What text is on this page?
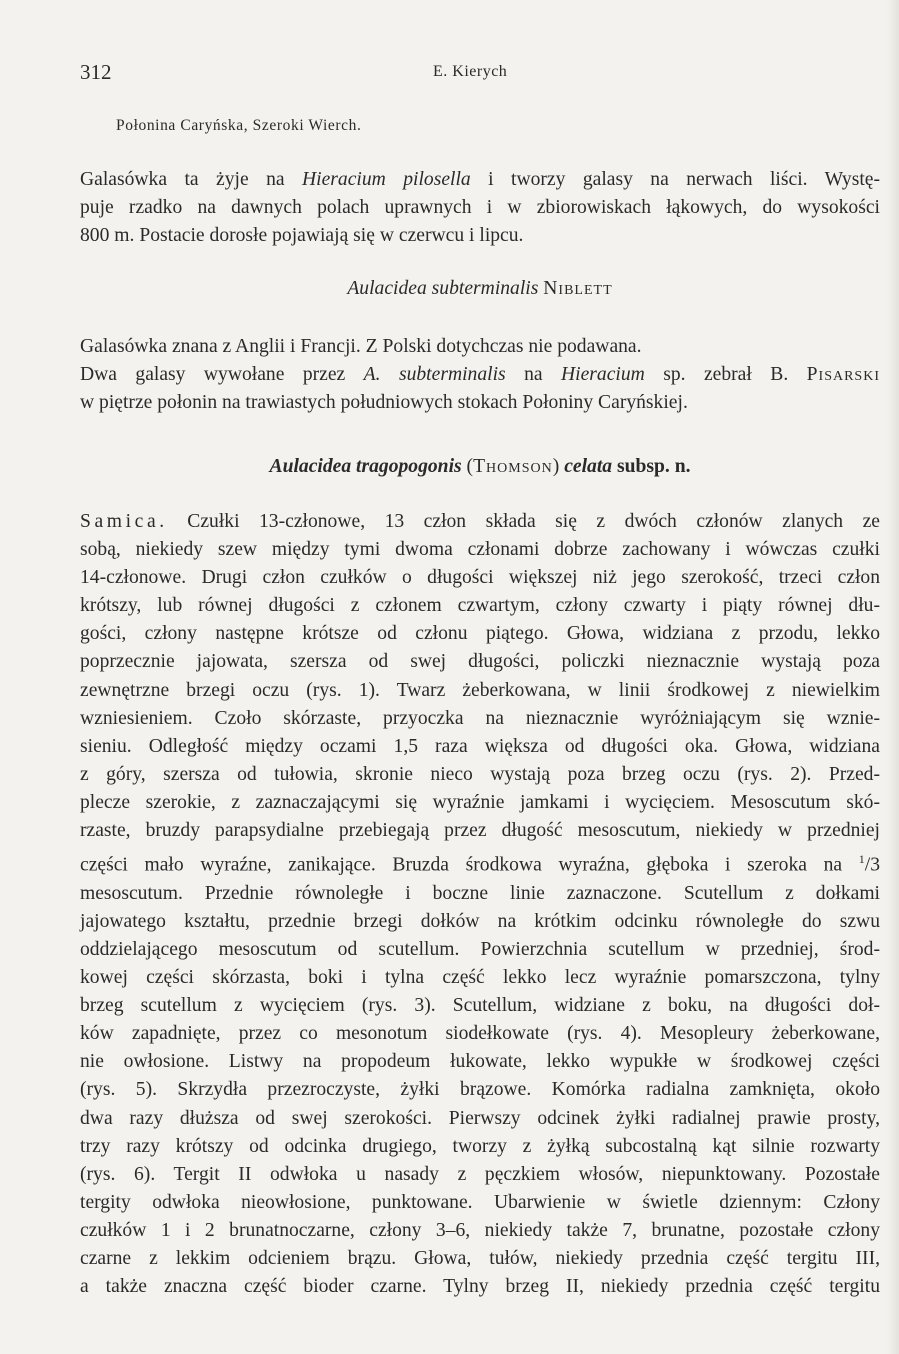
312	E. Kierych
Połonina Caryńska, Szeroki Wierch.

Galasówka ta żyje na Hieracium pilosella i tworzy galasy na nerwach liści. Wystę-
puje rzadko na dawnych polach uprawnych i w zbiorowiskach łąkowych, do wysokości
800 m. Postacie dorosłe pojawiają się w czerwcu i lipcu.

Aulacidea subterminalis Niblett

Galasówka znana z Anglii i Francji. Z Polski dotychczas nie podawana.
Dwa galasy wywołane przez A. subterminalis na Hieracium sp. zebrał B. Pisarski
w piętrze połonin na trawiastych południowych stokach Połoniny Caryńskiej.

Aulacidea tragopogonis (Thomson) celata subsp. n.

Samica. Czułki 13-członowe, 13 człon składa się z dwóch członów zlanych ze
sobą, niekiedy szew między tymi dwoma członami dobrze zachowany i wówczas czułki
14-członowe. Drugi człon czułków o długości większej niż jego szerokość, trzeci człon
krótszy, lub równej długości z członem czwartym, człony czwarty i piąty równej dłu-
gości, człony następne krótsze od członu piątego. Głowa, widziana z przodu, lekko
poprzecznie jajowata, szersza od swej długości, policzki nieznacznie wystają poza
zewnętrzne brzegi oczu (rys. 1). Twarz żeberkowana, w linii środkowej z niewielkim
wzniesieniem. Czoło skórzaste, przyoczka na nieznacznie wyróżniającym się wznie-
sieniu. Odległość między oczami 1,5 raza większa od długości oka. Głowa, widziana
z góry, szersza od tułowia, skronie nieco wystają poza brzeg oczu (rys. 2). Przed-
plecze szerokie, z zaznaczającymi się wyraźnie jamkami i wycięciem. Mesoscutum skó-
rzaste, bruzdy parapsydialne przebiegają przez długość mesoscutum, niekiedy w przedniej
części mało wyraźne, zanikające. Bruzda środkowa wyraźna, głęboka i szeroka na $^1$/3
mesoscutum. Przednie równoległe i boczne linie zaznaczone. Scutellum z dołkami
jajowatego kształtu, przednie brzegi dołków na krótkim odcinku równoległe do szwu
oddzielającego mesoscutum od scutellum. Powierzchnia scutellum w przedniej, środ-
kowej części skórzasta, boki i tylna część lekko lecz wyraźnie pomarszczona, tylny
brzeg scutellum z wycięciem (rys. 3). Scutellum, widziane z boku, na długości doł-
ków zapadnięte, przez co mesonotum siodełkowate (rys. 4). Mesopleury żeberkowane,
nie owłosione. Listwy na propodeum łukowate, lekko wypukłe w środkowej części
(rys. 5). Skrzydła przezroczyste, żyłki brązowe. Komórka radialna zamknięta, około
dwa razy dłuższa od swej szerokości. Pierwszy odcinek żyłki radialnej prawie prosty,
trzy razy krótszy od odcinka drugiego, tworzy z żyłką subcostalną kąt silnie rozwarty
(rys. 6). Tergit II odwłoka u nasady z pęczkiem włosów, niepunktowany. Pozostałe
tergity odwłoka nieowłosione, punktowane. Ubarwienie w świetle dziennym: Człony
czułków 1 i 2 brunatnoczarne, człony 3–6, niekiedy także 7, brunatne, pozostałe człony
czarne z lekkim odcieniem brązu. Głowa, tułów, niekiedy przednia część tergitu III,
a także znaczna część bioder czarne. Tylny brzeg II, niekiedy przednia część tergitu
